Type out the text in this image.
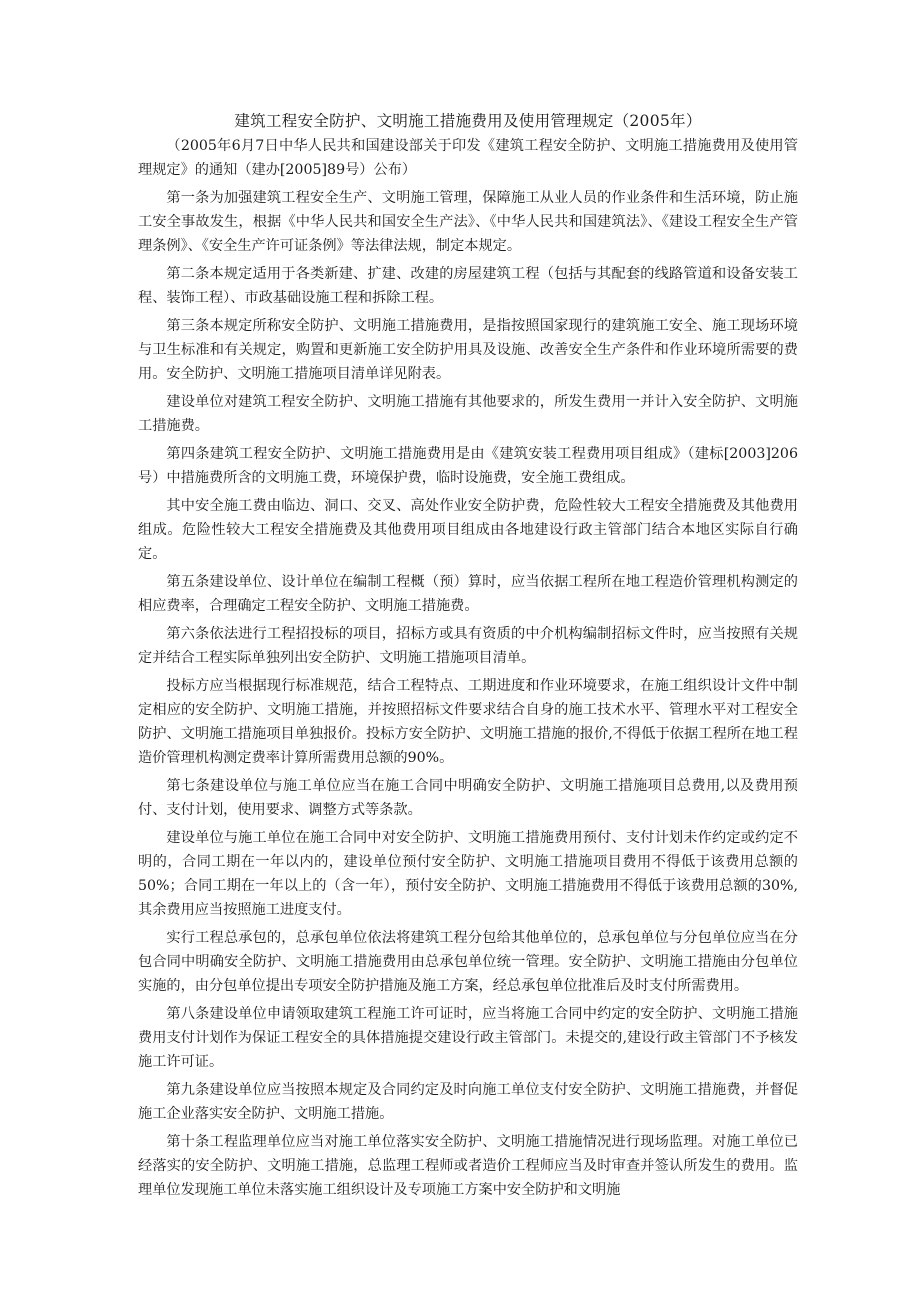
建筑工程安全防护、文明施工措施费用及使用管理规定（2005年）

（2005年6月7日中华人民共和国建设部关于印发《建筑工程安全防护、文明施工措施费用及使用管理规定》的通知（建办[2005]89号）公布）

第一条为加强建筑工程安全生产、文明施工管理，保障施工从业人员的作业条件和生活环境，防止施工安全事故发生，根据《中华人民共和国安全生产法》、《中华人民共和国建筑法》、《建设工程安全生产管理条例》、《安全生产许可证条例》等法律法规，制定本规定。

第二条本规定适用于各类新建、扩建、改建的房屋建筑工程（包括与其配套的线路管道和设备安装工程、装饰工程）、市政基础设施工程和拆除工程。

第三条本规定所称安全防护、文明施工措施费用，是指按照国家现行的建筑施工安全、施工现场环境与卫生标准和有关规定，购置和更新施工安全防护用具及设施、改善安全生产条件和作业环境所需要的费用。安全防护、文明施工措施项目清单详见附表。

建设单位对建筑工程安全防护、文明施工措施有其他要求的，所发生费用一并计入安全防护、文明施工措施费。

第四条建筑工程安全防护、文明施工措施费用是由《建筑安装工程费用项目组成》（建标[2003]206号）中措施费所含的文明施工费，环境保护费，临时设施费，安全施工费组成。

其中安全施工费由临边、洞口、交叉、高处作业安全防护费，危险性较大工程安全措施费及其他费用组成。危险性较大工程安全措施费及其他费用项目组成由各地建设行政主管部门结合本地区实际自行确定。

第五条建设单位、设计单位在编制工程概（预）算时，应当依据工程所在地工程造价管理机构测定的相应费率，合理确定工程安全防护、文明施工措施费。

第六条依法进行工程招投标的项目，招标方或具有资质的中介机构编制招标文件时，应当按照有关规定并结合工程实际单独列出安全防护、文明施工措施项目清单。

投标方应当根据现行标准规范，结合工程特点、工期进度和作业环境要求，在施工组织设计文件中制定相应的安全防护、文明施工措施，并按照招标文件要求结合自身的施工技术水平、管理水平对工程安全防护、文明施工措施项目单独报价。投标方安全防护、文明施工措施的报价,不得低于依据工程所在地工程造价管理机构测定费率计算所需费用总额的90%。

第七条建设单位与施工单位应当在施工合同中明确安全防护、文明施工措施项目总费用,以及费用预付、支付计划，使用要求、调整方式等条款。

建设单位与施工单位在施工合同中对安全防护、文明施工措施费用预付、支付计划未作约定或约定不明的，合同工期在一年以内的，建设单位预付安全防护、文明施工措施项目费用不得低于该费用总额的50%；合同工期在一年以上的（含一年），预付安全防护、文明施工措施费用不得低于该费用总额的30%,其余费用应当按照施工进度支付。

实行工程总承包的，总承包单位依法将建筑工程分包给其他单位的，总承包单位与分包单位应当在分包合同中明确安全防护、文明施工措施费用由总承包单位统一管理。安全防护、文明施工措施由分包单位实施的，由分包单位提出专项安全防护措施及施工方案，经总承包单位批准后及时支付所需费用。

第八条建设单位申请领取建筑工程施工许可证时，应当将施工合同中约定的安全防护、文明施工措施费用支付计划作为保证工程安全的具体措施提交建设行政主管部门。未提交的,建设行政主管部门不予核发施工许可证。

第九条建设单位应当按照本规定及合同约定及时向施工单位支付安全防护、文明施工措施费，并督促施工企业落实安全防护、文明施工措施。

第十条工程监理单位应当对施工单位落实安全防护、文明施工措施情况进行现场监理。对施工单位已经落实的安全防护、文明施工措施，总监理工程师或者造价工程师应当及时审查并签认所发生的费用。监理单位发现施工单位未落实施工组织设计及专项施工方案中安全防护和文明施
